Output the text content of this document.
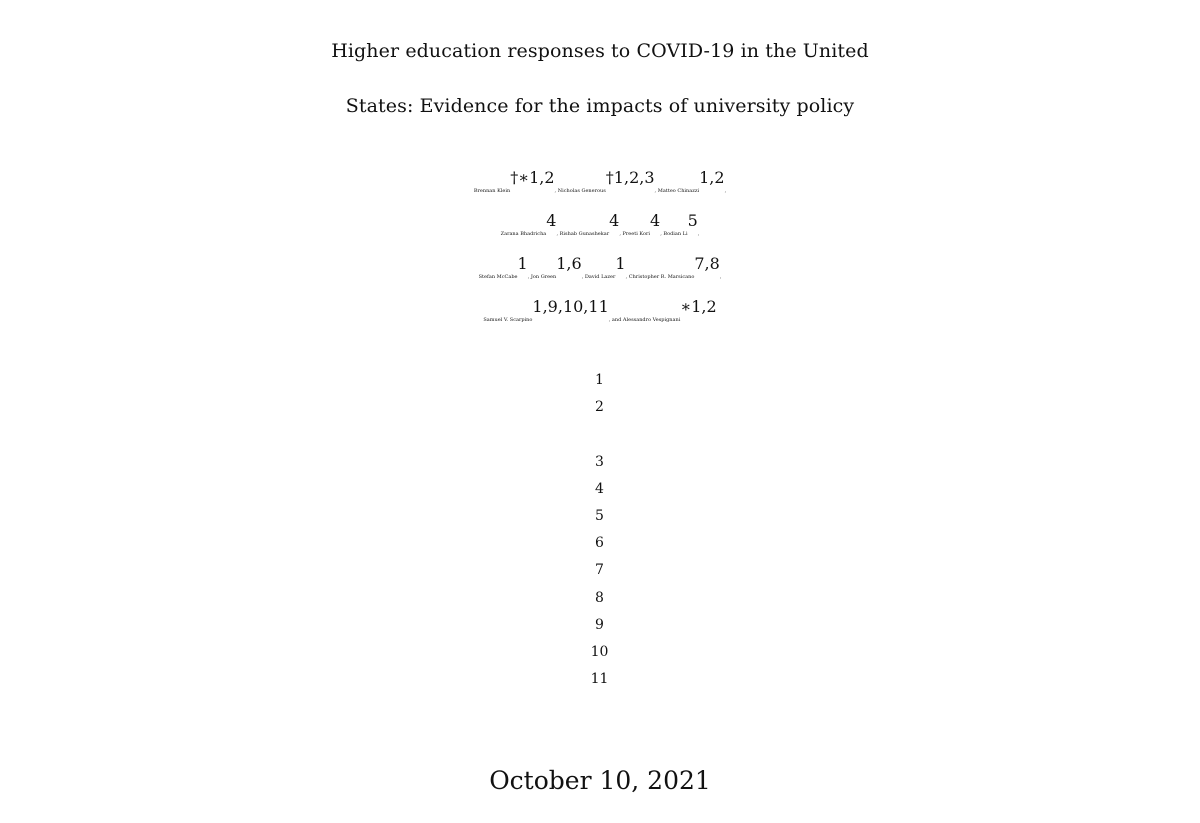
Higher education responses to COVID-19 in the United
States: Evidence for the impacts of university policy
Brennan Klein$^{\dagger∗1,2}$, Nicholas Generous$^{\dagger 1,2,3}$, Matteo Chinazzi$^{1,2}$,
Zarana Bhadricha$^4$, Rishab Gunashekar$^4$, Preeti Kori$^4$, Bodian Li$^5$,
Stefan McCabe$^1$, Jon Green$^{1,6}$, David Lazer$^1$, Christopher R. Marsicano$^{7,8}$,
Samuel V. Scarpino$^{1,9,10,11}$, and Alessandro Vespignani$^{∗1,2}$
1
2
3
4
5
6
7
8
9
10
11
October 10, 2021
